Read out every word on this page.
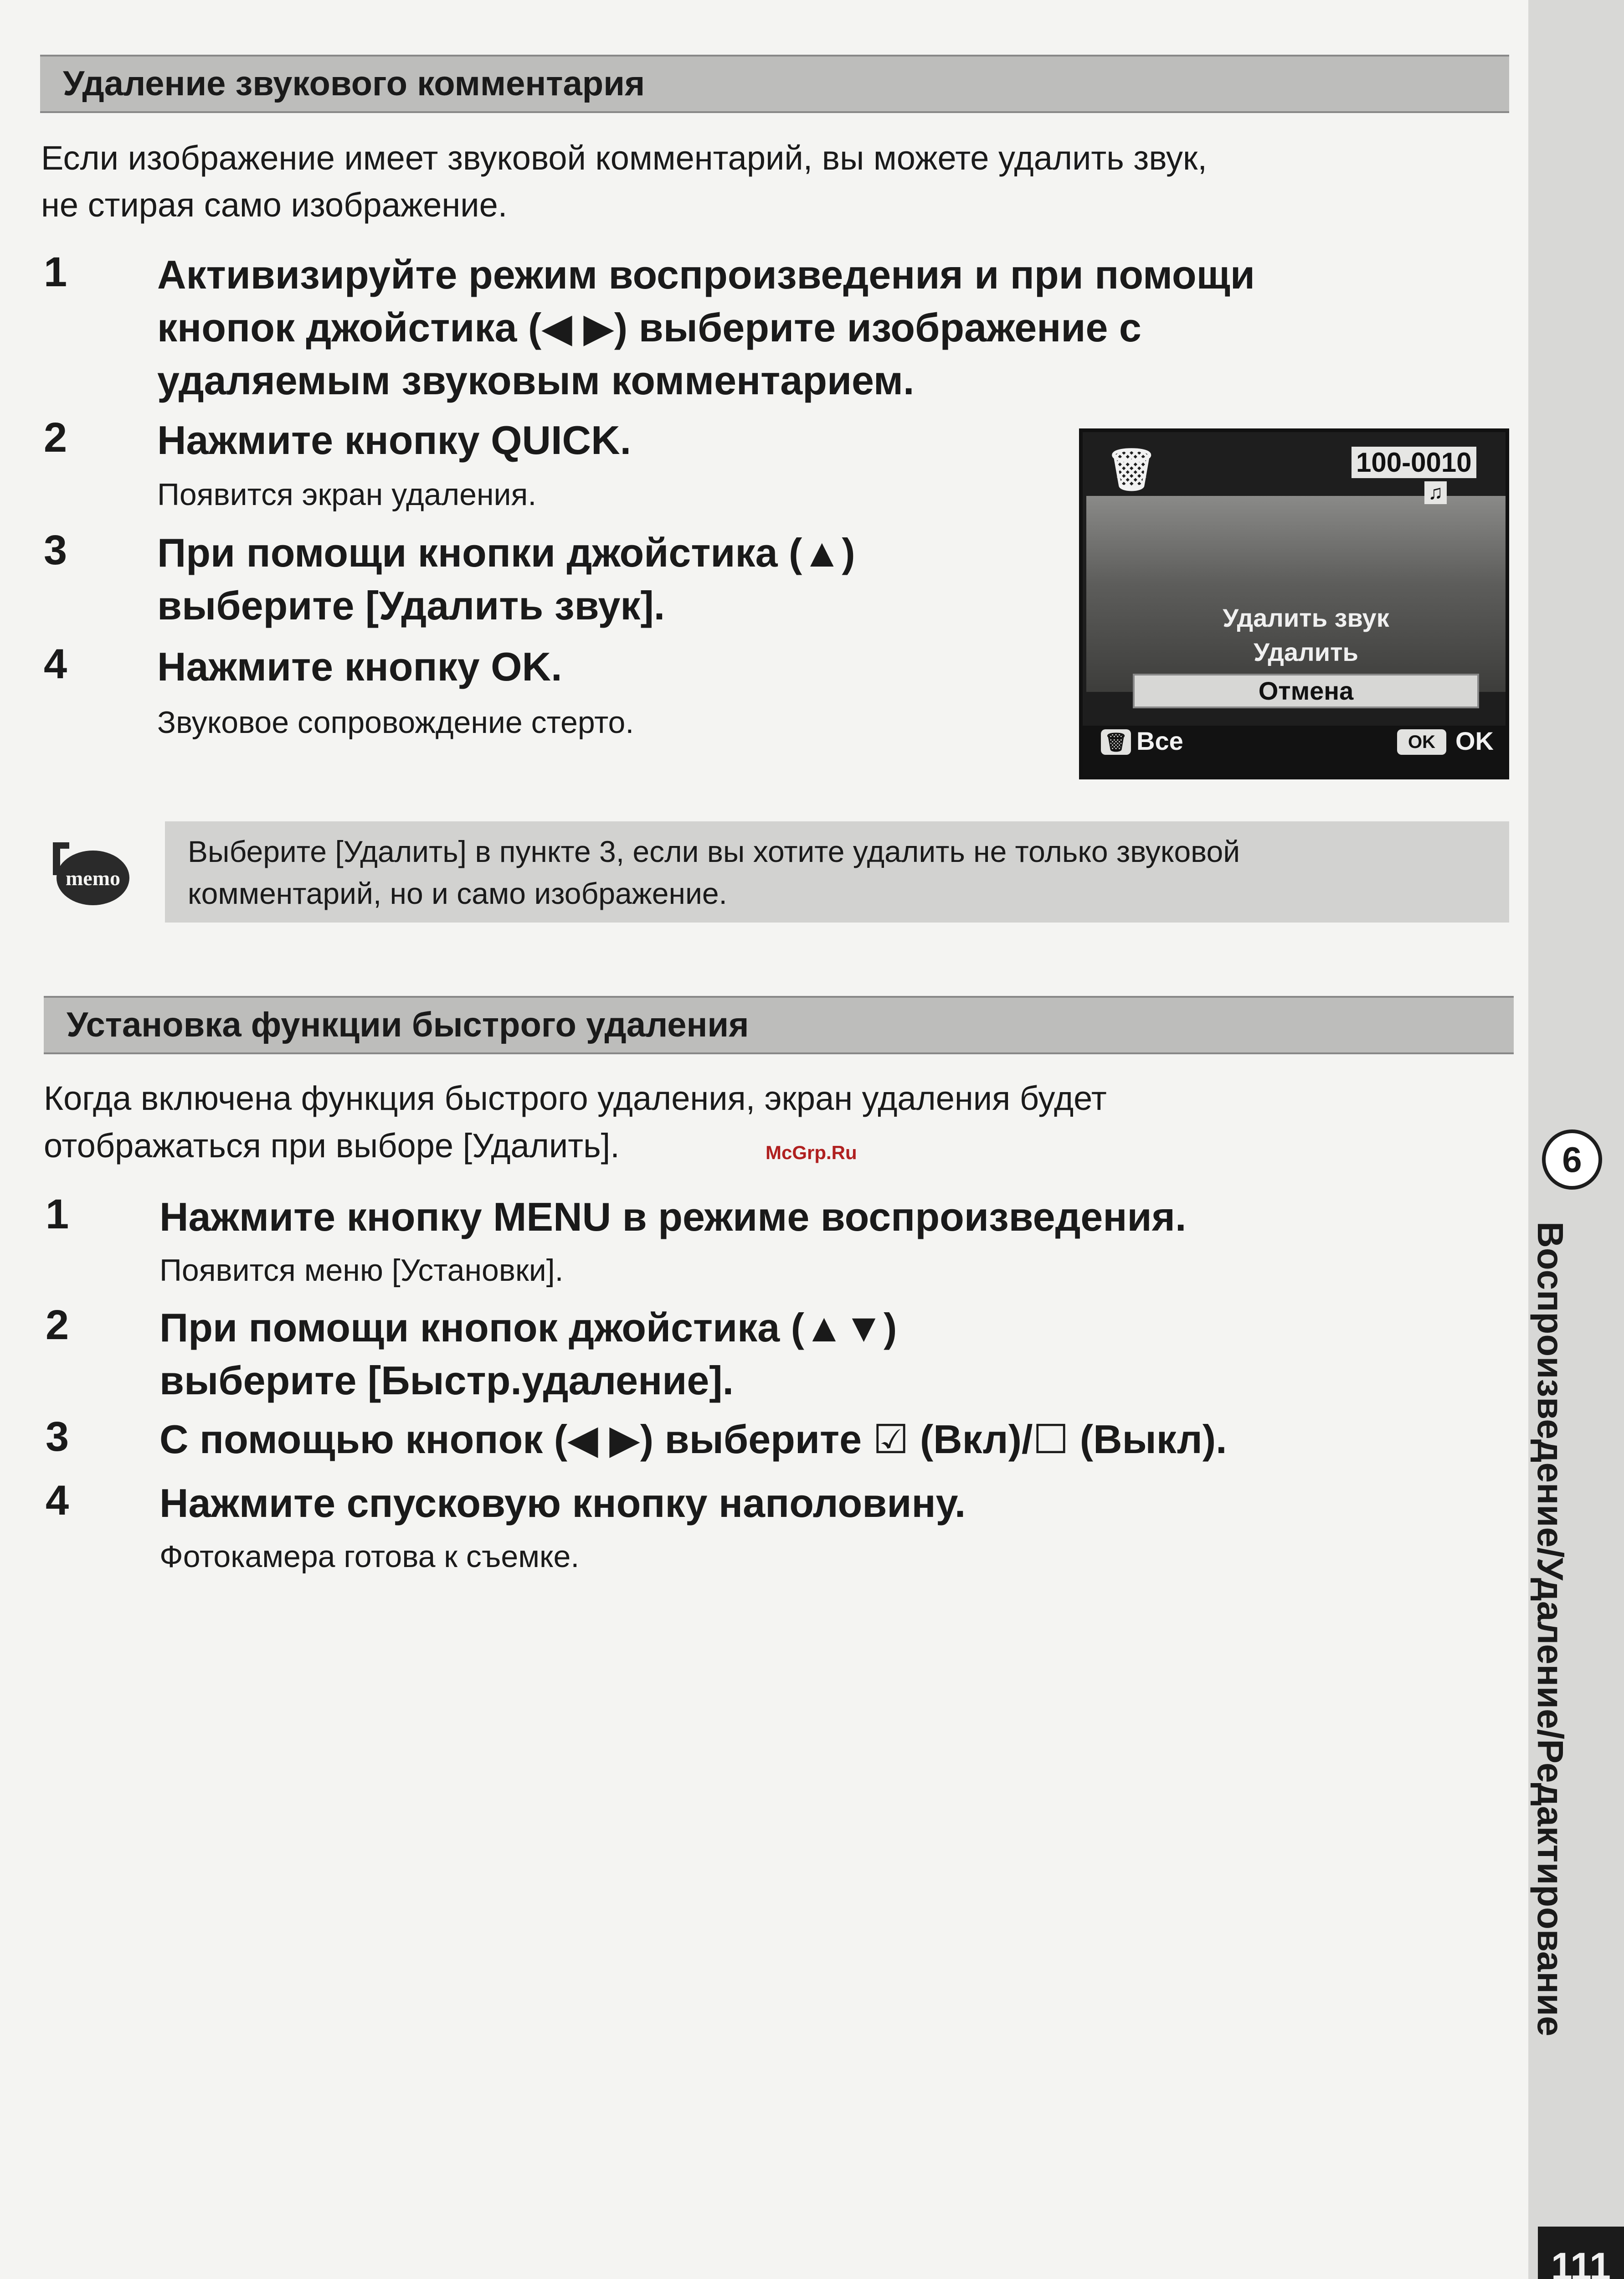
6
Воспроизведение/Удаление/Редактирование
111
Удаление звукового комментария
Если изображение имеет звуковой комментарий, вы можете удалить звук,
не стирая само изображение.
1 Активизируйте режим воспроизведения и при помощи
кнопок джойстика (◀ ▶) выберите изображение с
удаляемым звуковым комментарием.
2 Нажмите кнопку QUICK.
Появится экран удаления.
3 При помощи кнопки джойстика (▲)
выберите [Удалить звук].
4 Нажмите кнопку OK.
Звуковое сопровождение стерто.
🗑	100-0010
♫
Удалить звук
Удалить
Отмена
🗑 Все	OK OK
memo
Выберите [Удалить] в пункте 3, если вы хотите удалить не только звуковой
комментарий, но и само изображение.
Установка функции быстрого удаления
Когда включена функция быстрого удаления, экран удаления будет
отображаться при выборе [Удалить].	McGrp.Ru
1 Нажмите кнопку MENU в режиме воспроизведения.
Появится меню [Установки].
2 При помощи кнопок джойстика (▲▼)
выберите [Быстр.удаление].
3 С помощью кнопок (◀ ▶) выберите ☑ (Вкл)/☐ (Выкл).
4 Нажмите спусковую кнопку наполовину.
Фотокамера готова к съемке.
